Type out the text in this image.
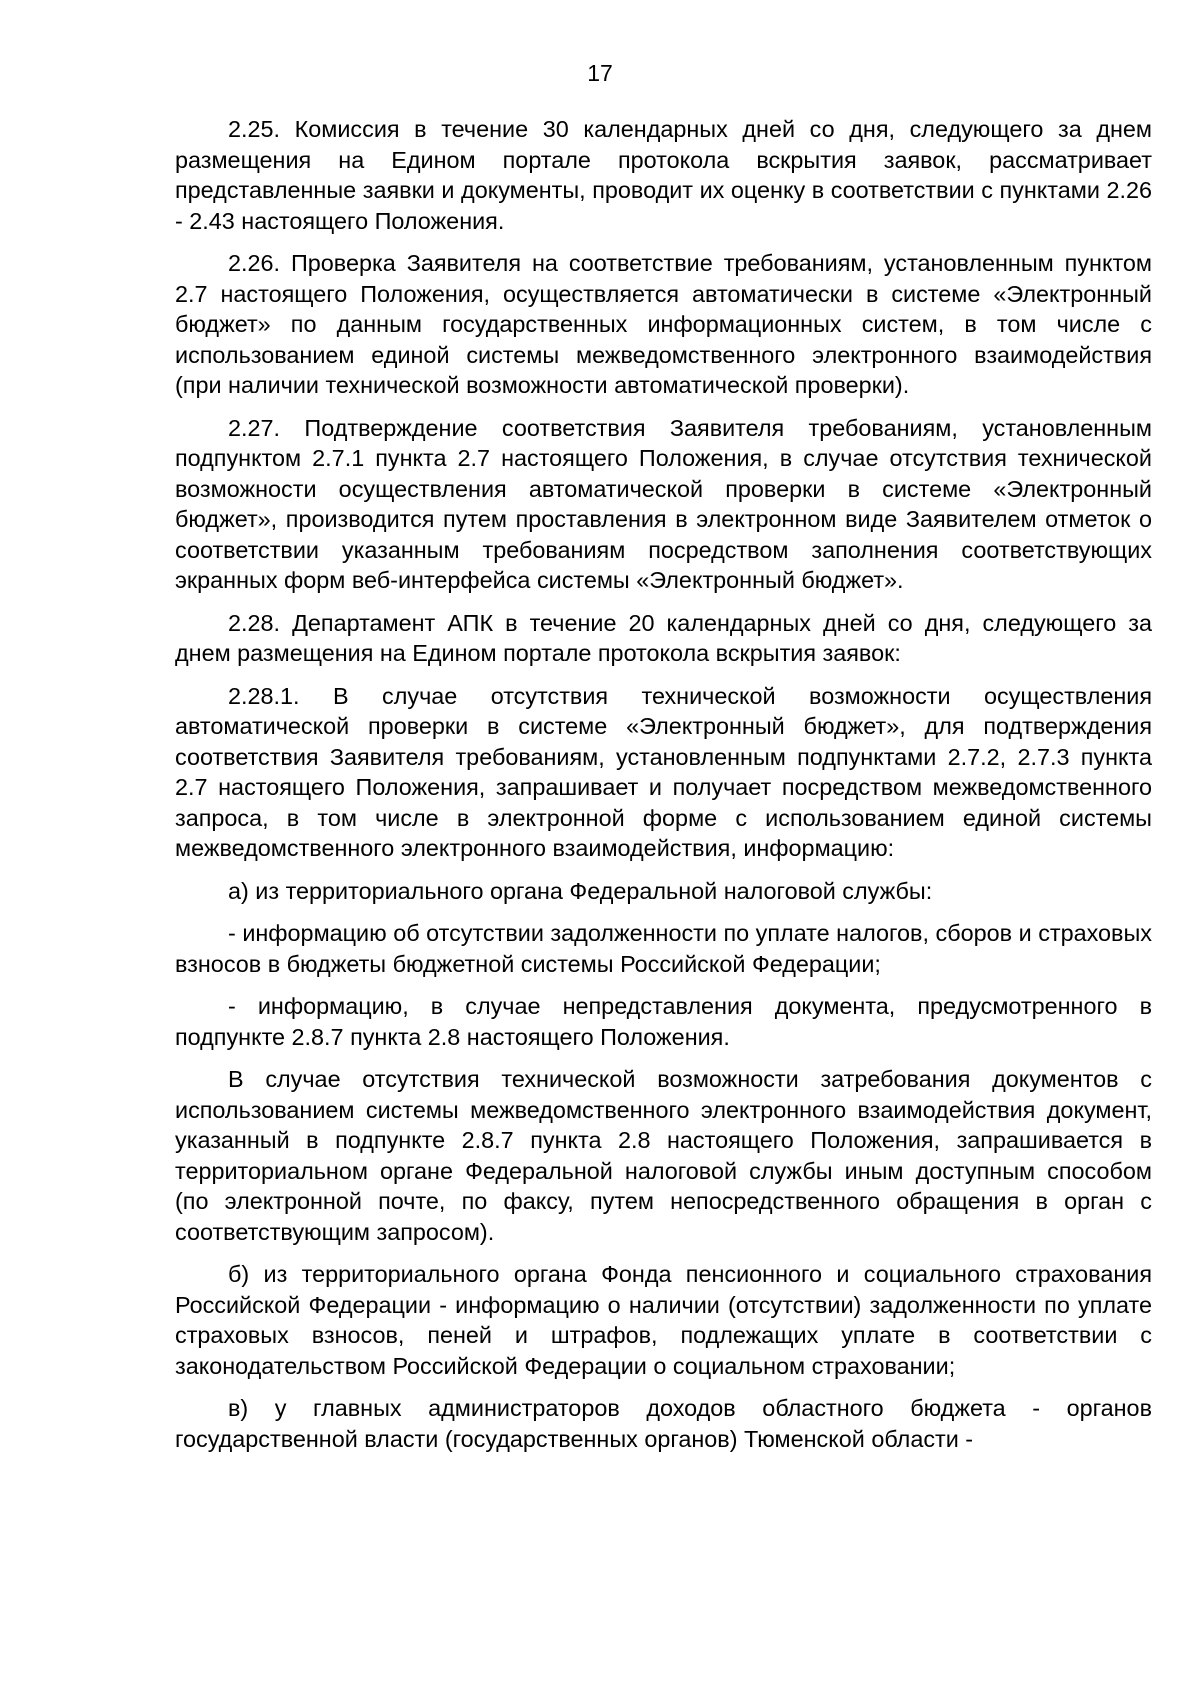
17

2.25. Комиссия в течение 30 календарных дней со дня, следующего за днем размещения на Едином портале протокола вскрытия заявок, рассматривает представленные заявки и документы, проводит их оценку в соответствии с пунктами 2.26 - 2.43 настоящего Положения.

2.26. Проверка Заявителя на соответствие требованиям, установленным пунктом 2.7 настоящего Положения, осуществляется автоматически в системе «Электронный бюджет» по данным государственных информационных систем, в том числе с использованием единой системы межведомственного электронного взаимодействия (при наличии технической возможности автоматической проверки).

2.27. Подтверждение соответствия Заявителя требованиям, установленным подпунктом 2.7.1 пункта 2.7 настоящего Положения, в случае отсутствия технической возможности осуществления автоматической проверки в системе «Электронный бюджет», производится путем проставления в электронном виде Заявителем отметок о соответствии указанным требованиям посредством заполнения соответствующих экранных форм веб-интерфейса системы «Электронный бюджет».

2.28. Департамент АПК в течение 20 календарных дней со дня, следующего за днем размещения на Едином портале протокола вскрытия заявок:

2.28.1. В случае отсутствия технической возможности осуществления автоматической проверки в системе «Электронный бюджет», для подтверждения соответствия Заявителя требованиям, установленным подпунктами 2.7.2, 2.7.3 пункта 2.7 настоящего Положения, запрашивает и получает посредством межведомственного запроса, в том числе в электронной форме с использованием единой системы межведомственного электронного взаимодействия, информацию:

а) из территориального органа Федеральной налоговой службы:

- информацию об отсутствии задолженности по уплате налогов, сборов и страховых взносов в бюджеты бюджетной системы Российской Федерации;

- информацию, в случае непредставления документа, предусмотренного в подпункте 2.8.7 пункта 2.8 настоящего Положения.

В случае отсутствия технической возможности затребования документов с использованием системы межведомственного электронного взаимодействия документ, указанный в подпункте 2.8.7 пункта 2.8 настоящего Положения, запрашивается в территориальном органе Федеральной налоговой службы иным доступным способом (по электронной почте, по факсу, путем непосредственного обращения в орган с соответствующим запросом).

б) из территориального органа Фонда пенсионного и социального страхования Российской Федерации - информацию о наличии (отсутствии) задолженности по уплате страховых взносов, пеней и штрафов, подлежащих уплате в соответствии с законодательством Российской Федерации о социальном страховании;

в) у главных администраторов доходов областного бюджета - органов государственной власти (государственных органов) Тюменской области -
